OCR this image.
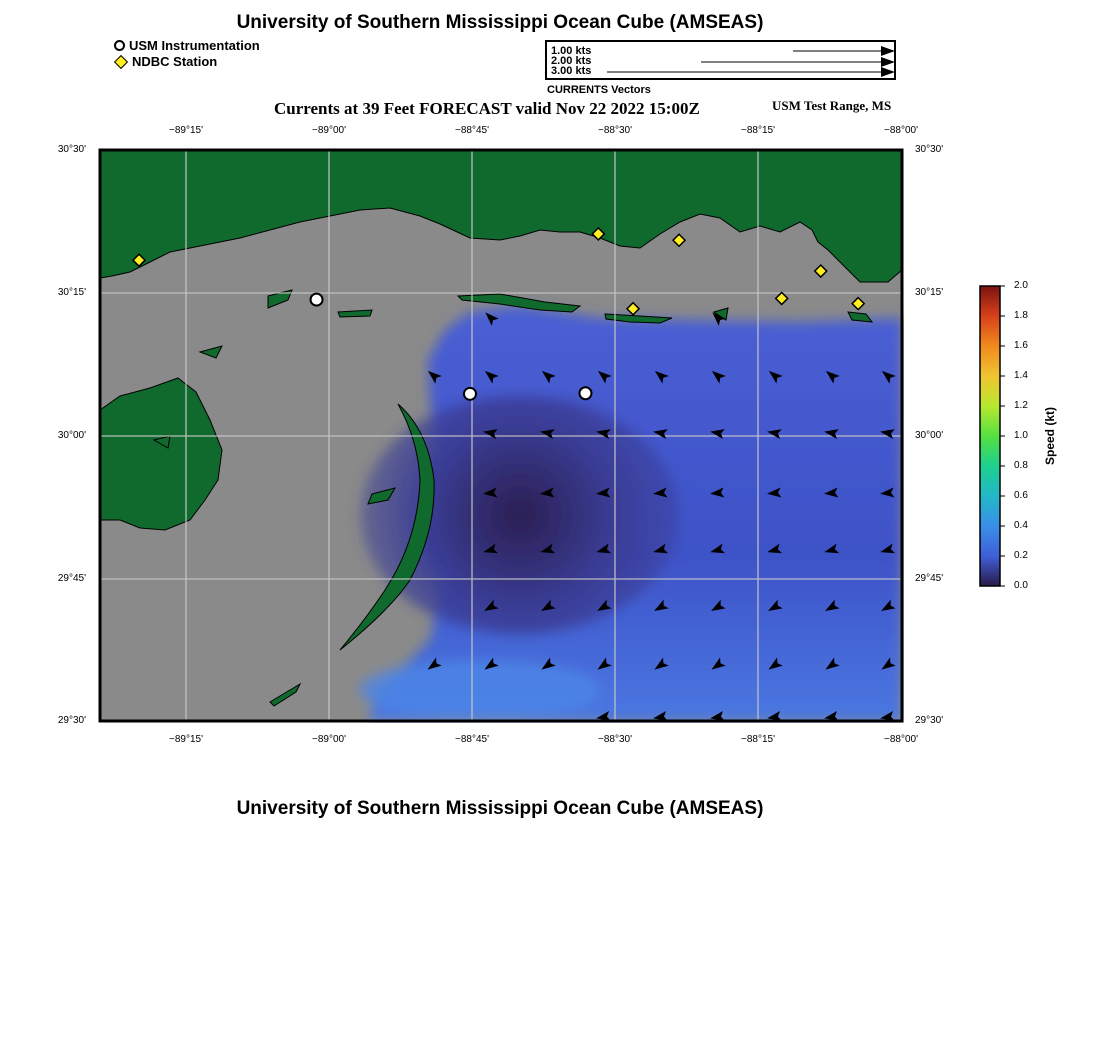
University of Southern Mississippi Ocean Cube (AMSEAS)
USM Instrumentation
NDBC Station
1.00 kts
2.00 kts
3.00 kts
CURRENTS Vectors
Currents at 39 Feet FORECAST valid Nov 22 2022 15:00Z	USM Test Range, MS
−89°15'	−89°00'	−88°45'	−88°30'	−88°15'	−88°00'
−89°15'	−89°00'	−88°45'	−88°30'	−88°15'	−88°00'
30°30'
30°15'
30°00'
29°45'
29°30'
30°30'
30°15'
30°00'
29°45'
29°30'
2.0
1.8
1.6
1.4
1.2
1.0
0.8
0.6
0.4
0.2
0.0
Speed (kt)
University of Southern Mississippi Ocean Cube (AMSEAS)
